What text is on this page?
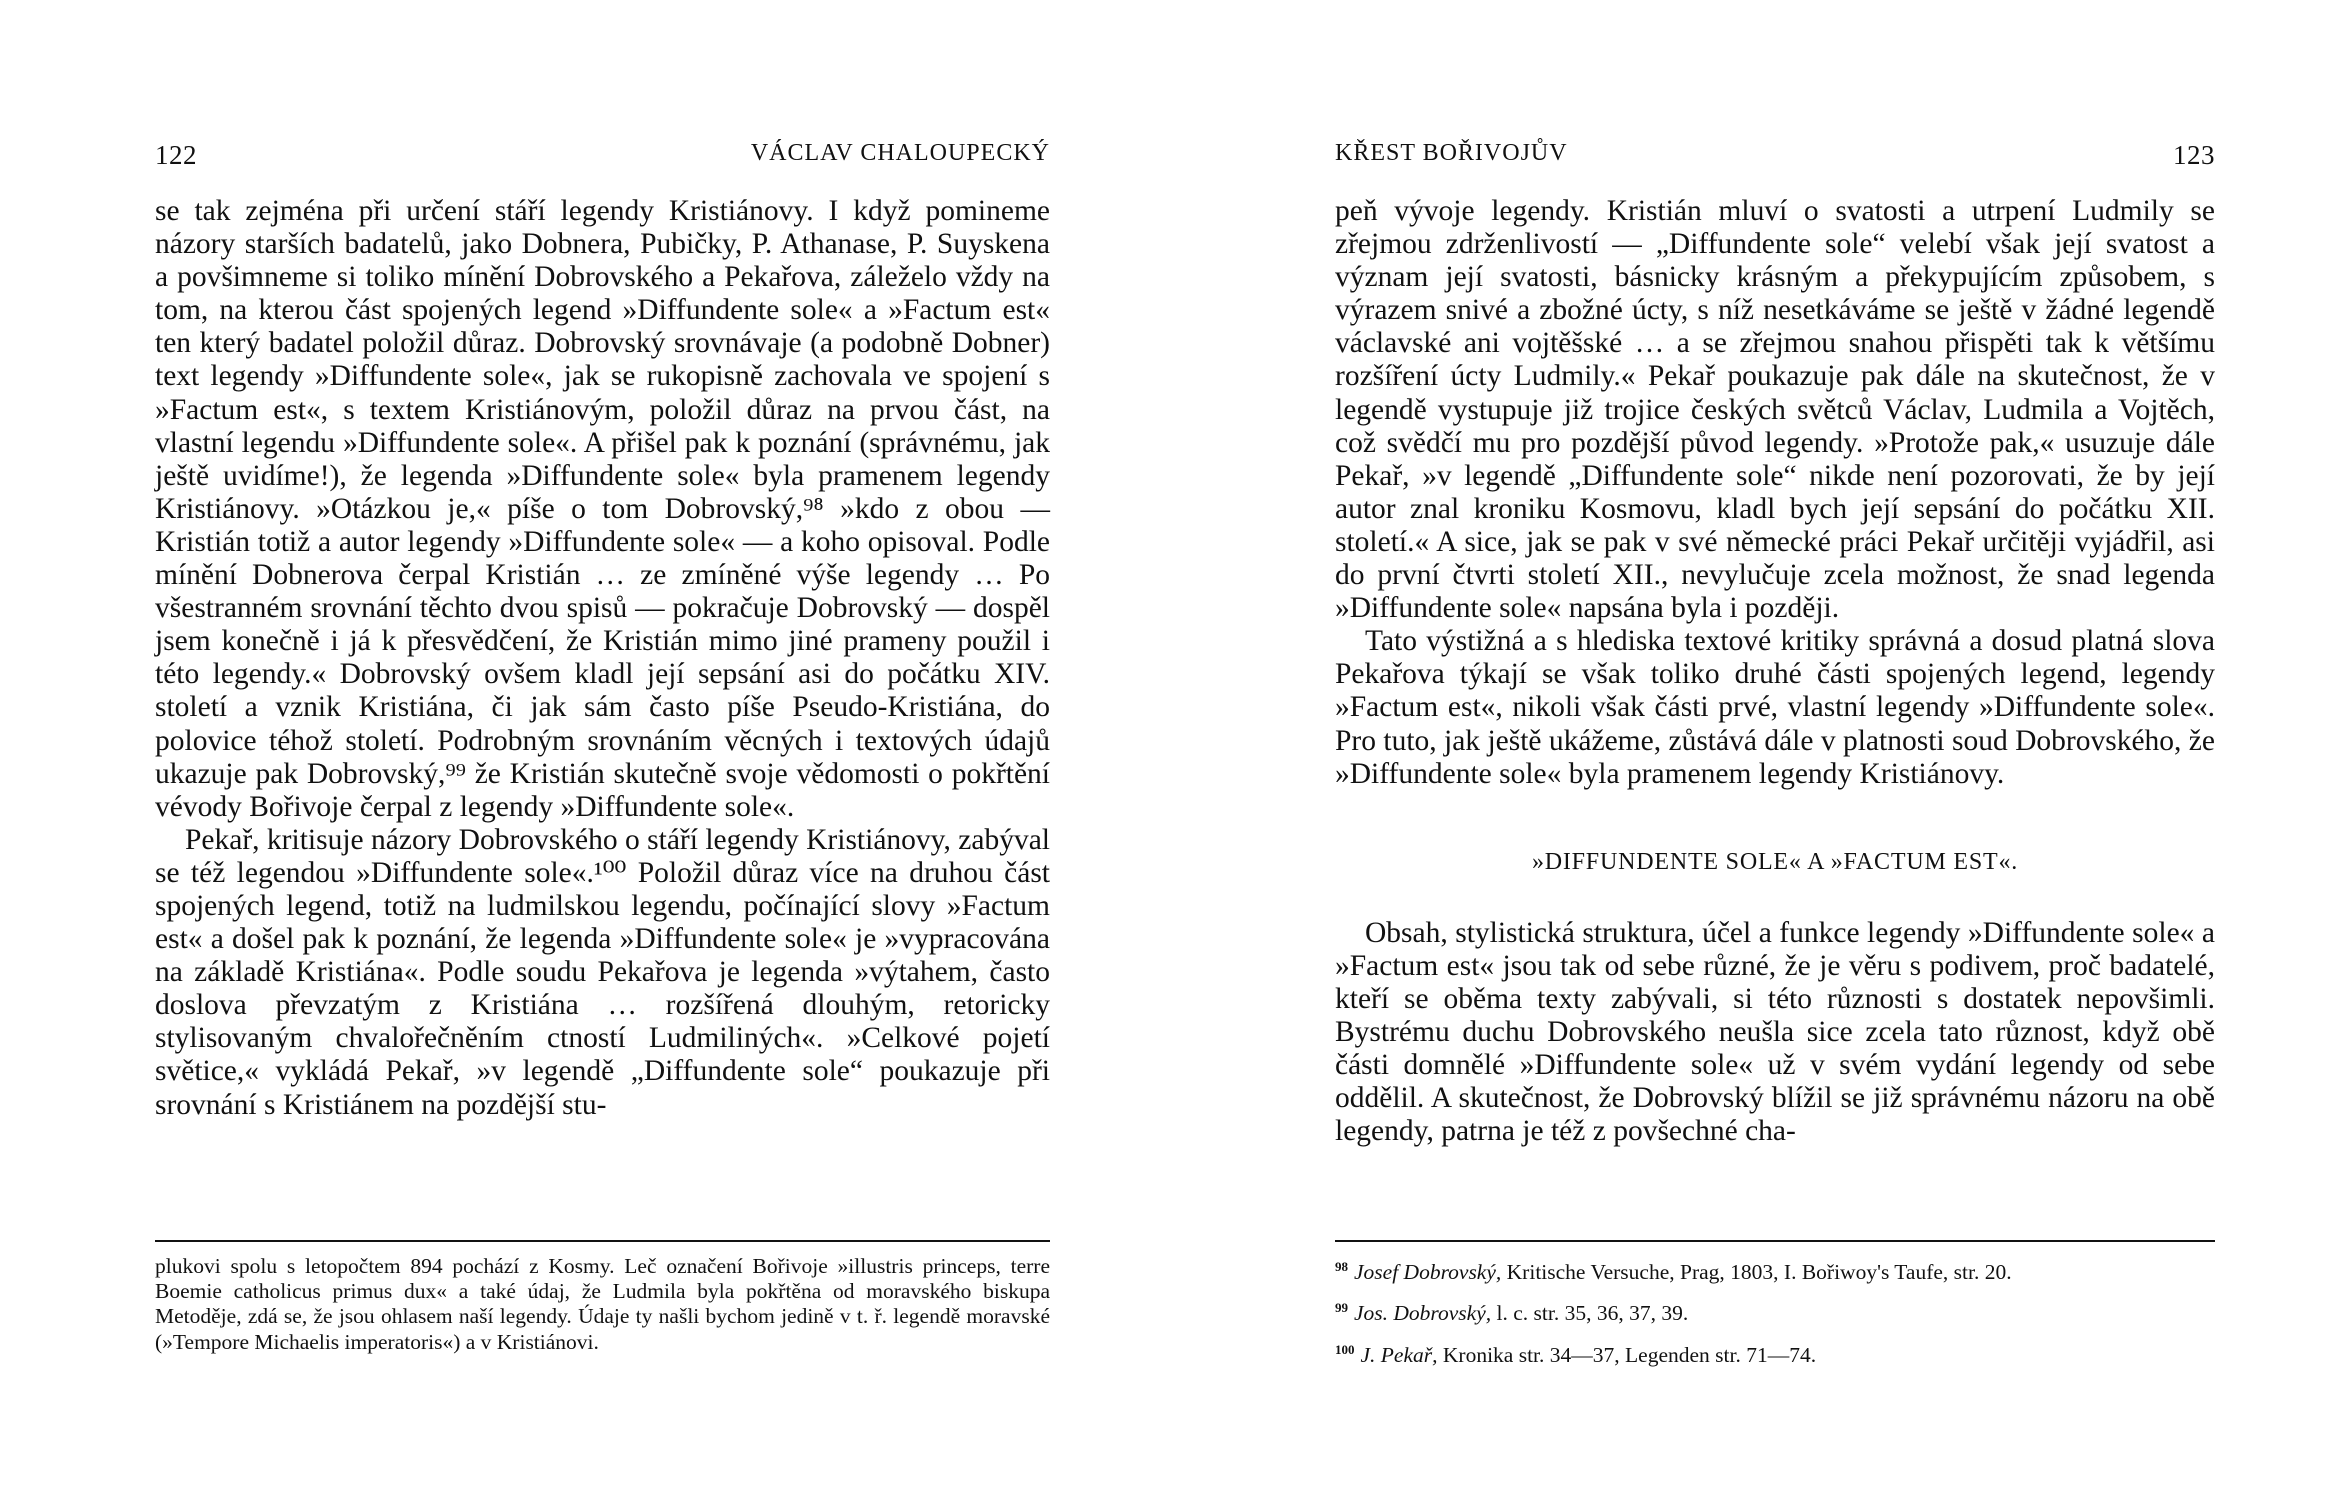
122	VÁCLAV CHALOUPECKÝ

se tak zejména při určení stáří legendy Kristiánovy. I když pomineme názory starších badatelů, jako Dobnera, Pubičky, P. Athanase, P. Suyskena a povšimneme si toliko mínění Dobrovského a Pekařova, záleželo vždy na tom, na kterou část spojených legend »Diffundente sole« a »Factum est« ten který badatel položil důraz. Dobrovský srovnávaje (a podobně Dobner) text legendy »Diffundente sole«, jak se rukopisně zachovala ve spojení s »Factum est«, s textem Kristiánovým, položil důraz na prvou část, na vlastní legendu »Diffundente sole«. A přišel pak k poznání (správnému, jak ještě uvidíme!), že legenda »Diffundente sole« byla pramenem legendy Kristiánovy. »Otázkou je,« píše o tom Dobrovský,⁹⁸ »kdo z obou — Kristián totiž a autor legendy »Diffundente sole« — a koho opisoval. Podle mínění Dobnerova čerpal Kristián … ze zmíněné výše legendy … Po všestranném srovnání těchto dvou spisů — pokračuje Dobrovský — dospěl jsem konečně i já k přesvědčení, že Kristián mimo jiné prameny použil i této legendy.« Dobrovský ovšem kladl její sepsání asi do počátku XIV. století a vznik Kristiána, či jak sám často píše Pseudo-Kristiána, do polovice téhož století. Podrobným srovnáním věcných i textových údajů ukazuje pak Dobrovský,⁹⁹ že Kristián skutečně svoje vědomosti o pokřtění vévody Bořivoje čerpal z legendy »Diffundente sole«.

Pekař, kritisuje názory Dobrovského o stáří legendy Kristiánovy, zabýval se též legendou »Diffundente sole«.¹⁰⁰ Položil důraz více na druhou část spojených legend, totiž na ludmilskou legendu, počínající slovy »Factum est« a došel pak k poznání, že legenda »Diffundente sole« je »vypracována na základě Kristiána«. Podle soudu Pekařova je legenda »výtahem, často doslova převzatým z Kristiána … rozšířená dlouhým, retoricky stylisovaným chvalořečněním ctností Ludmiliných«. »Celkové pojetí světice,« vykládá Pekař, »v legendě „Diffundente sole“ poukazuje při srovnání s Kristiánem na pozdější stu-

plukovi spolu s letopočtem 894 pochází z Kosmy. Leč označení Bořivoje »illustris princeps, terre Boemie catholicus primus dux« a také údaj, že Ludmila byla pokřtěna od moravského biskupa Metoděje, zdá se, že jsou ohlasem naší legendy. Údaje ty našli bychom jedině v t. ř. legendě moravské (»Tempore Michaelis imperatoris«) a v Kristiánovi.

KŘEST BOŘIVOJŮV	123

peň vývoje legendy. Kristián mluví o svatosti a utrpení Ludmily se zřejmou zdrženlivostí — „Diffundente sole“ velebí však její svatost a význam její svatosti, básnicky krásným a překypujícím způsobem, s výrazem snivé a zbožné úcty, s níž nesetkáváme se ještě v žádné legendě václavské ani vojtěšské … a se zřejmou snahou přispěti tak k většímu rozšíření úcty Ludmily.« Pekař poukazuje pak dále na skutečnost, že v legendě vystupuje již trojice českých světců Václav, Ludmila a Vojtěch, což svědčí mu pro pozdější původ legendy. »Protože pak,« usuzuje dále Pekař, »v legendě „Diffundente sole“ nikde není pozorovati, že by její autor znal kroniku Kosmovu, kladl bych její sepsání do počátku XII. století.« A sice, jak se pak v své německé práci Pekař určitěji vyjádřil, asi do první čtvrti století XII., nevylučuje zcela možnost, že snad legenda »Diffundente sole« napsána byla i později.

Tato výstižná a s hlediska textové kritiky správná a dosud platná slova Pekařova týkají se však toliko druhé části spojených legend, legendy »Factum est«, nikoli však části prvé, vlastní legendy »Diffundente sole«. Pro tuto, jak ještě ukážeme, zůstává dále v platnosti soud Dobrovského, že »Diffundente sole« byla pramenem legendy Kristiánovy.

»DIFFUNDENTE SOLE« A »FACTUM EST«.

Obsah, stylistická struktura, účel a funkce legendy »Diffundente sole« a »Factum est« jsou tak od sebe různé, že je věru s podivem, proč badatelé, kteří se oběma texty zabývali, si této různosti s dostatek nepovšimli. Bystrému duchu Dobrovského neušla sice zcela tato různost, když obě části domnělé »Diffundente sole« už v svém vydání legendy od sebe oddělil. A skutečnost, že Dobrovský blížil se již správnému názoru na obě legendy, patrna je též z povšechné cha-

$^{98}$ Josef Dobrovský, Kritische Versuche, Prag, 1803, I. Bořiwoy's Taufe, str. 20.

$^{99}$ Jos. Dobrovský, l. c. str. 35, 36, 37, 39.

$^{100}$ J. Pekař, Kronika str. 34—37, Legenden str. 71—74.
